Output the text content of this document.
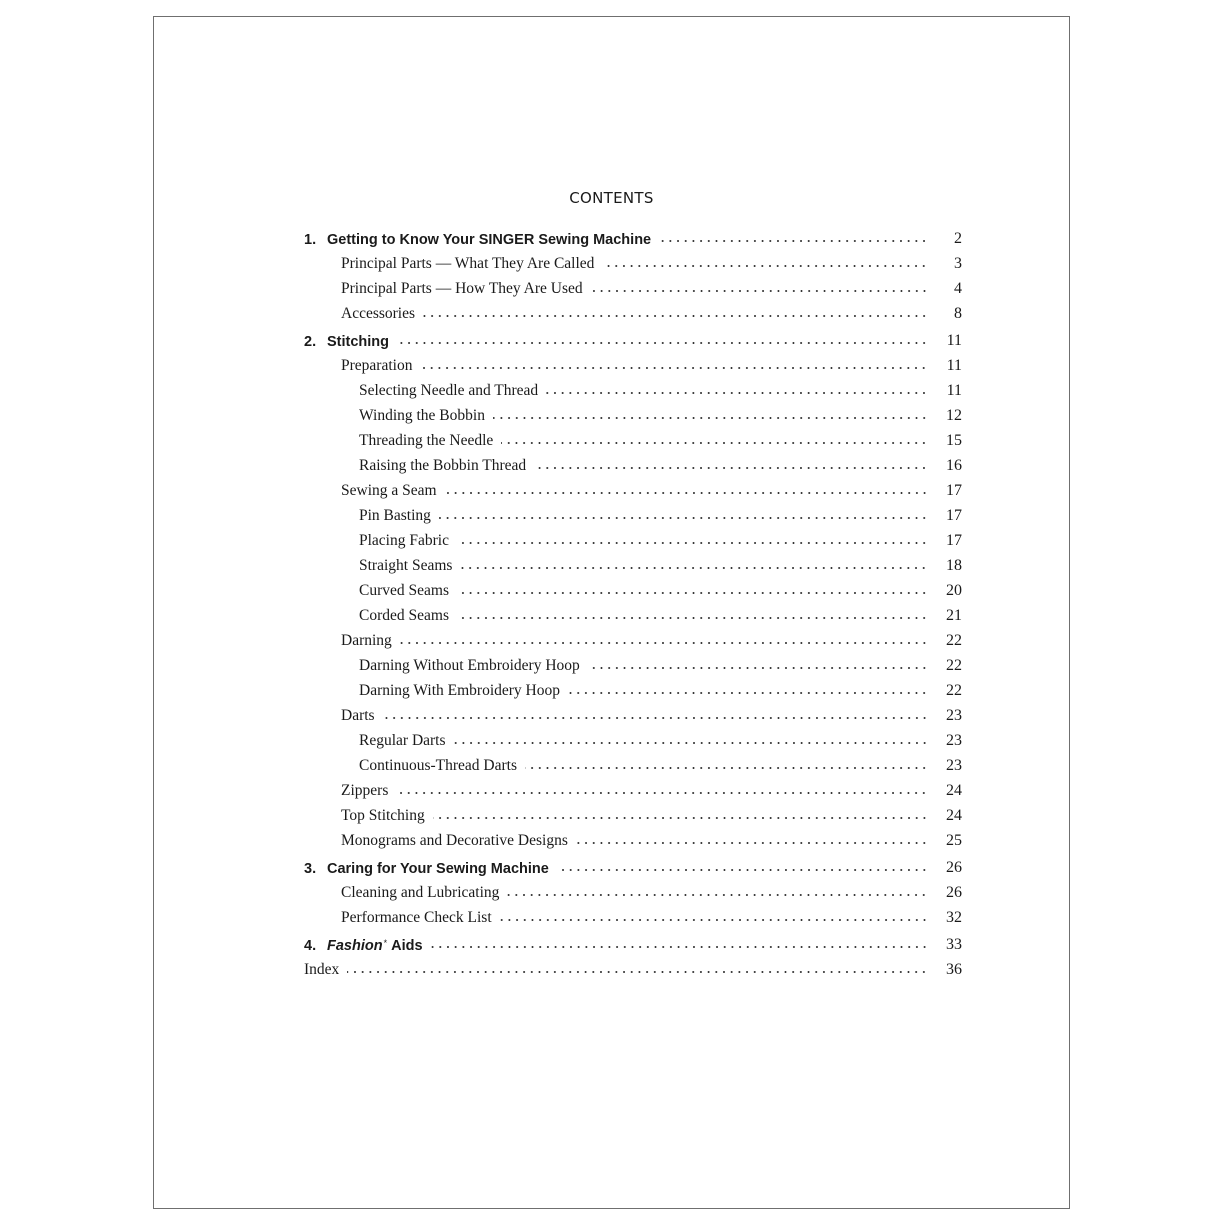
CONTENTS
1. Getting to Know Your SINGER Sewing Machine	2
Principal Parts — What They Are Called	3
Principal Parts — How They Are Used	4
Accessories	8
2. Stitching	11
Preparation	11
Selecting Needle and Thread	11
Winding the Bobbin	12
Threading the Needle	15
Raising the Bobbin Thread	16
Sewing a Seam	17
Pin Basting	17
Placing Fabric	17
Straight Seams	18
Curved Seams	20
Corded Seams	21
Darning	22
Darning Without Embroidery Hoop	22
Darning With Embroidery Hoop	22
Darts	23
Regular Darts	23
Continuous-Thread Darts	23
Zippers	24
Top Stitching	24
Monograms and Decorative Designs	25
3. Caring for Your Sewing Machine	26
Cleaning and Lubricating	26
Performance Check List	32
4. Fashion* Aids	33
Index	36
